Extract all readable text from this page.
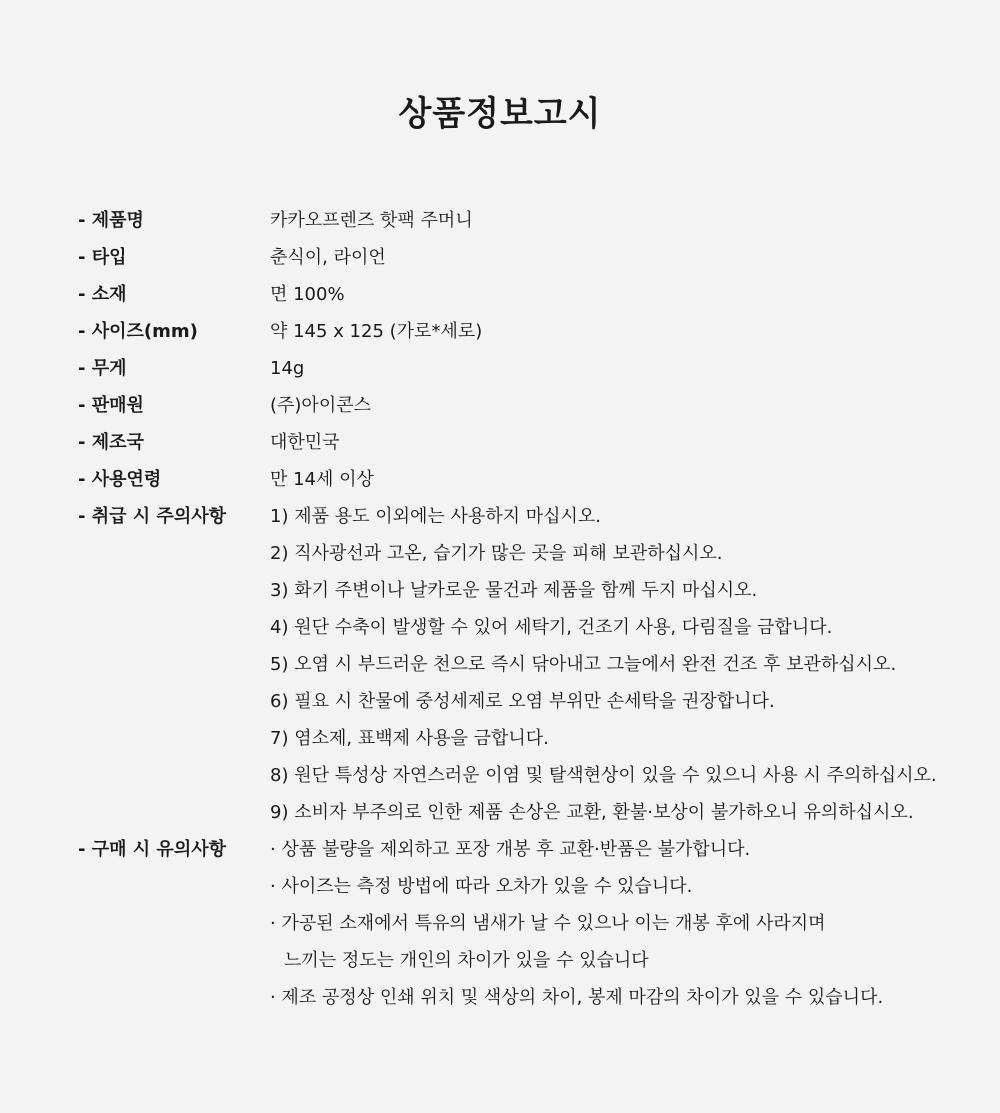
상품정보고시
- 제품명	카카오프렌즈 핫팩 주머니
- 타입	춘식이, 라이언
- 소재	면 100%
- 사이즈(mm)	약 145 x 125 (가로*세로)
- 무게	14g
- 판매원	(주)아이콘스
- 제조국	대한민국
- 사용연령	만 14세 이상
- 취급 시 주의사항	1) 제품 용도 이외에는 사용하지 마십시오.
2) 직사광선과 고온, 습기가 많은 곳을 피해 보관하십시오.
3) 화기 주변이나 날카로운 물건과 제품을 함께 두지 마십시오.
4) 원단 수축이 발생할 수 있어 세탁기, 건조기 사용, 다림질을 금합니다.
5) 오염 시 부드러운 천으로 즉시 닦아내고 그늘에서 완전 건조 후 보관하십시오.
6) 필요 시 찬물에 중성세제로 오염 부위만 손세탁을 권장합니다.
7) 염소제, 표백제 사용을 금합니다.
8) 원단 특성상 자연스러운 이염 및 탈색현상이 있을 수 있으니 사용 시 주의하십시오.
9) 소비자 부주의로 인한 제품 손상은 교환, 환불·보상이 불가하오니 유의하십시오.
- 구매 시 유의사항	· 상품 불량을 제외하고 포장 개봉 후 교환·반품은 불가합니다.
· 사이즈는 측정 방법에 따라 오차가 있을 수 있습니다.
· 가공된 소재에서 특유의 냄새가 날 수 있으나 이는 개봉 후에 사라지며
느끼는 정도는 개인의 차이가 있을 수 있습니다
· 제조 공정상 인쇄 위치 및 색상의 차이, 봉제 마감의 차이가 있을 수 있습니다.
